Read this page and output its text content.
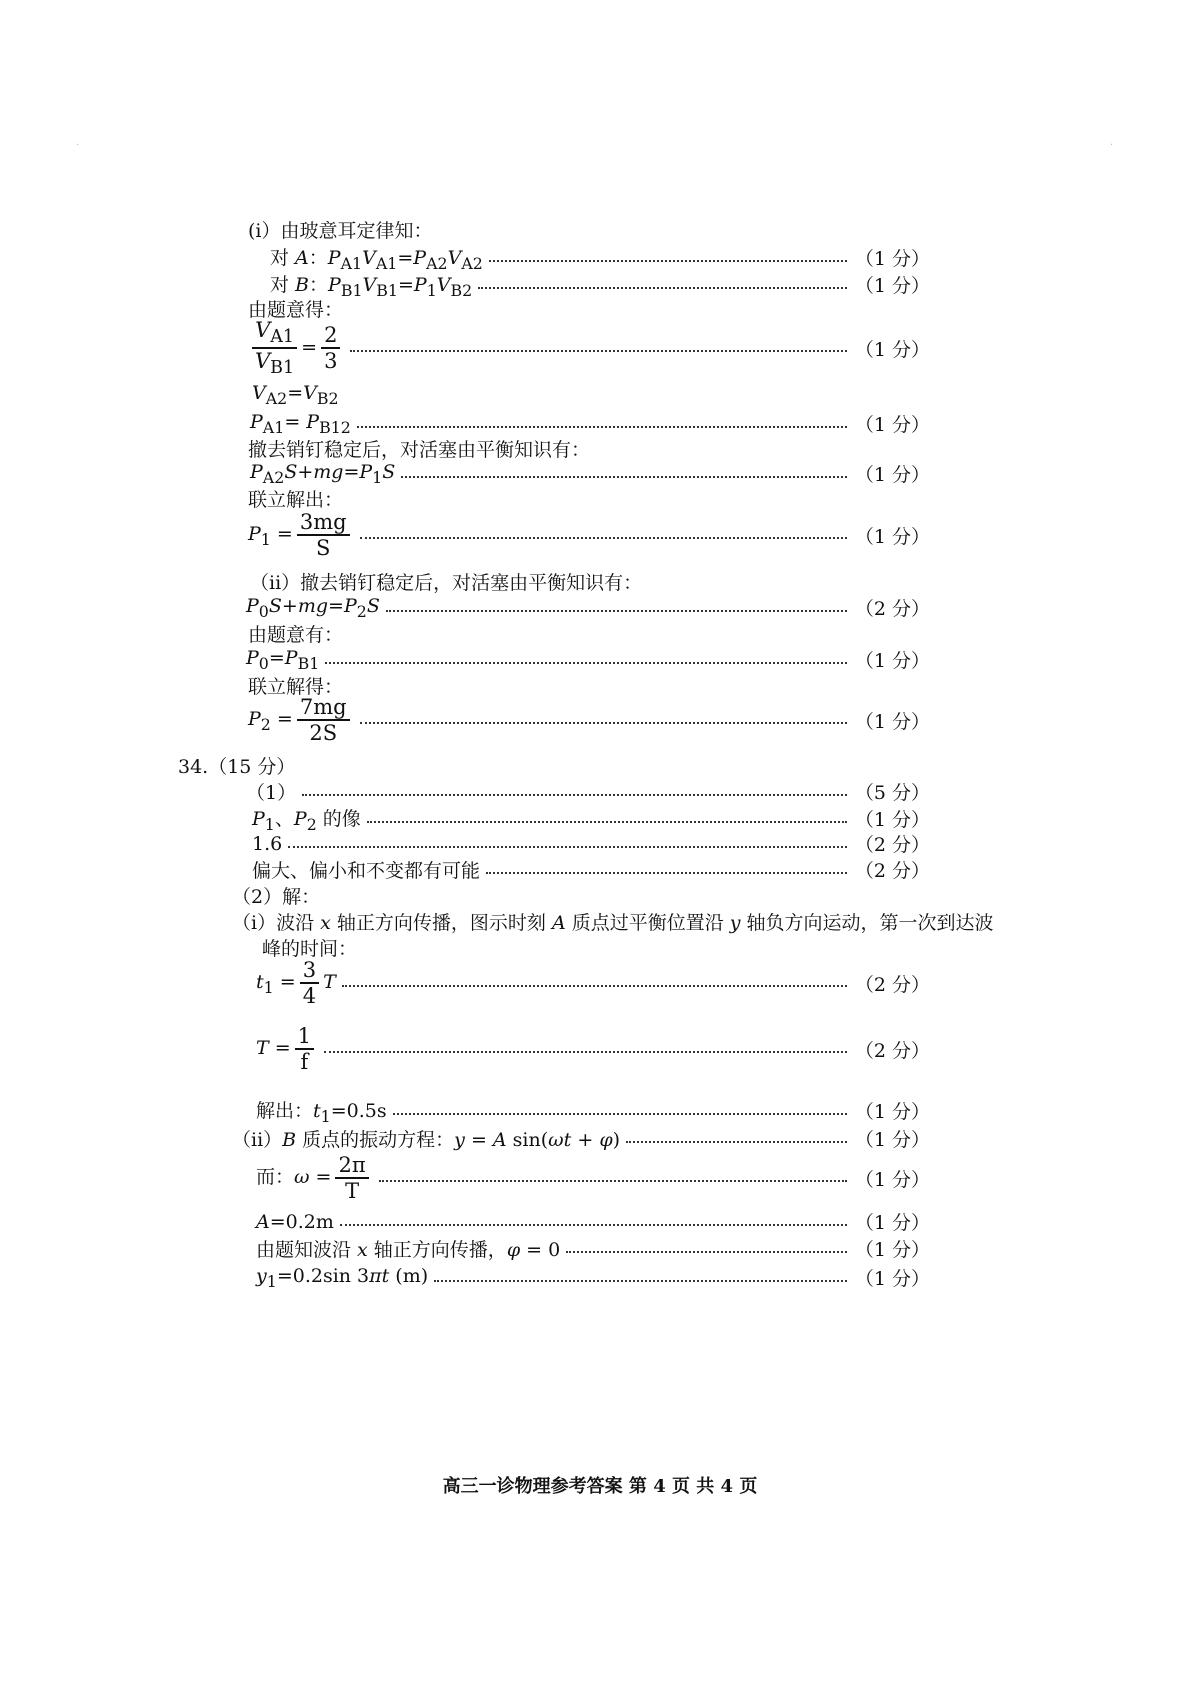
(i）由玻意耳定律知：
对 A：$P_{A1}V_{A1}=P_{A2}V_{A2}$	（1 分）
对 B：$P_{B1}V_{B1}=P_1V_{B2}$	（1 分）
由题意得：
$\frac{V_{A1}}{V_{B1}} = \frac{2}{3}$	（1 分）
$V_{A2}=V_{B2}$
$P_{A1}= P_{B12}$	（1 分）
撤去销钉稳定后，对活塞由平衡知识有：
$P_{A2}S+mg=P_1S$	（1 分）
联立解出：
$P_1 = \frac{3mg}{S}$	（1 分）
（ii）撤去销钉稳定后，对活塞由平衡知识有：
$P_0S+mg=P_2S$	（2 分）
由题意有：
$P_0=P_{B1}$	（1 分）
联立解得：
$P_2 = \frac{7mg}{2S}$	（1 分）
34.（15 分）
（1）	（5 分）
$P_1$、$P_2$ 的像	（1 分）
1.6	（2 分）
偏大、偏小和不变都有可能	（2 分）
（2）解：
（i）波沿 x 轴正方向传播，图示时刻 A 质点过平衡位置沿 y 轴负方向运动，第一次到达波
峰的时间：
$t_1 = \frac{3}{4}$ T	（2 分）
$T = \frac{1}{f}$	（2 分）
解出：$t_1=0.5s$	（1 分）
（ii）B 质点的振动方程：y = A sin(ωt + φ)	（1 分）
而：$\omega = \frac{2\pi}{T}$	（1 分）
A=0.2m	（1 分）
由题知波沿 x 轴正方向传播，φ = 0	（1 分）
$y_1=0.2\sin$ 3πt (m)	（1 分）
高三一诊物理参考答案 第 4 页 共 4 页
·	·
